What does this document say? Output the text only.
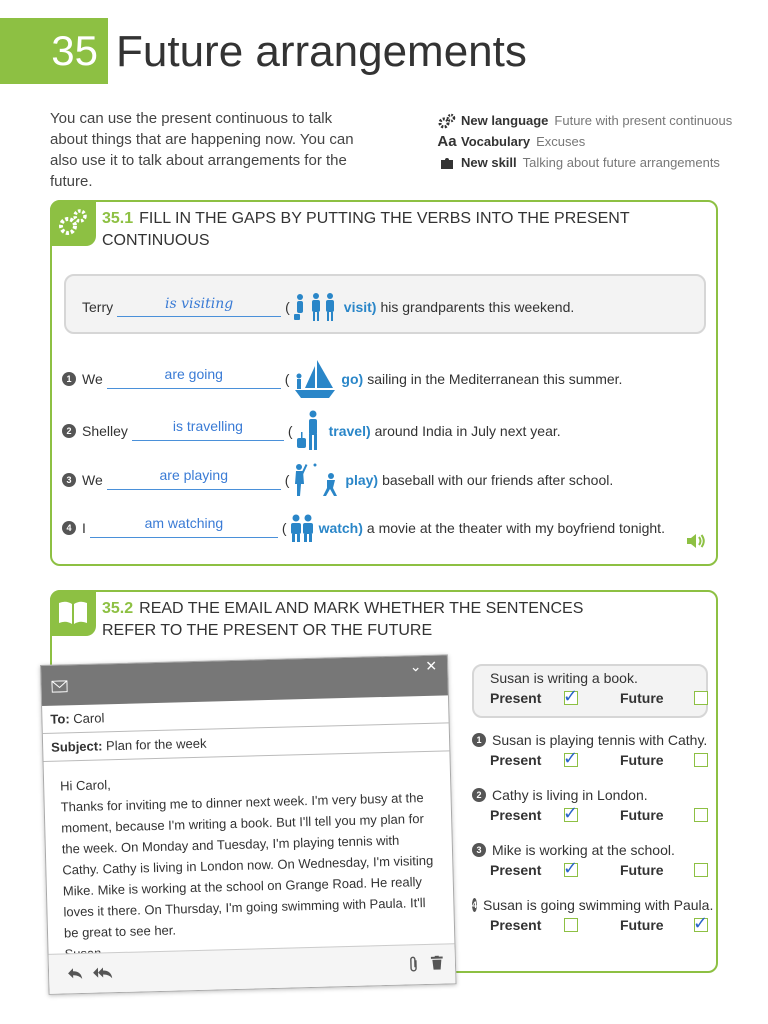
35 Future arrangements

You can use the present continuous to talk about things that are happening now. You can also use it to talk about arrangements for the future.

New language Future with present continuous
Aa Vocabulary Excuses
New skill Talking about future arrangements
35.1 FILL IN THE GAPS BY PUTTING THE VERBS INTO THE PRESENT CONTINUOUS
Terry	is visiting	(	visit) his grandparents this weekend.
1 We	are going	(	go) sailing in the Mediterranean this summer.
2 Shelley	is travelling	(	travel) around India in July next year.
3 We	are playing	(	play) baseball with our friends after school.
4 I	am watching	( watch) a movie at the theater with my boyfriend tonight.
35.2 READ THE EMAIL AND MARK WHETHER THE SENTENCES
REFER TO THE PRESENT OR THE FUTURE
Susan is writing a book.
Present	✓	Future
1 Susan is playing tennis with Cathy.
Present	✓	Future
2 Cathy is living in London.
Present	✓	Future
3 Mike is working at the school.
Present	✓	Future
4 Susan is going swimming with Paula.
Present	Future	✓
⌄ ✕
To: Carol
Subject: Plan for the week
Hi Carol,
Thanks for inviting me to dinner next week. I'm very busy at the moment, because I'm writing a book. But I'll tell you my plan for the week. On Monday and Tuesday, I'm playing tennis with Cathy. Cathy is living in London now. On Wednesday, I'm visiting Mike. Mike is working at the school on Grange Road. He really loves it there. On Thursday, I'm going swimming with Paula. It'll be great to see her.
